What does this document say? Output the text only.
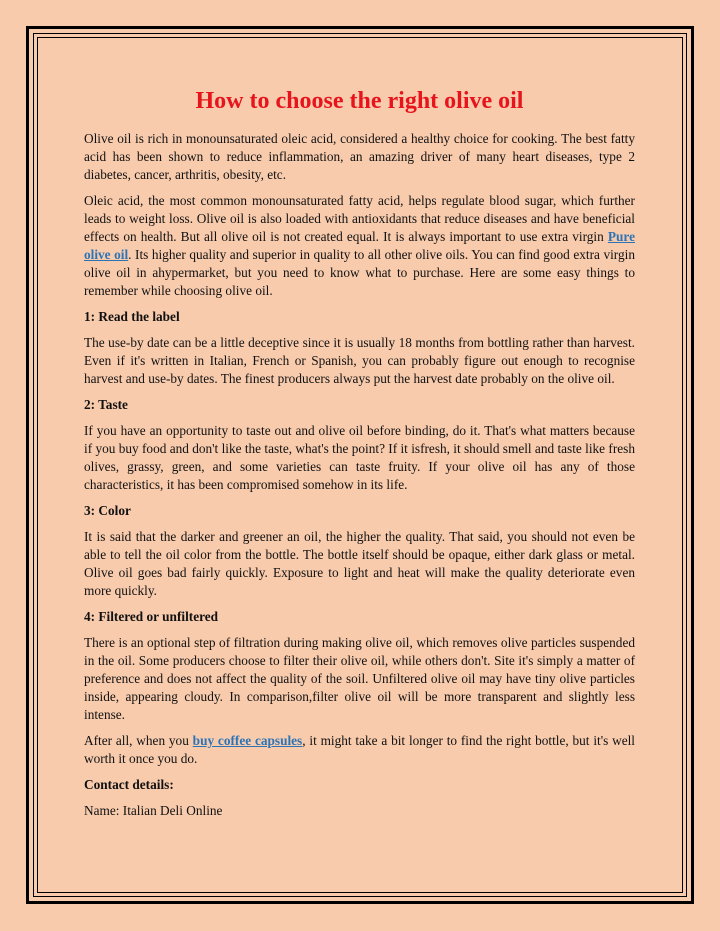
How to choose the right olive oil

Olive oil is rich in monounsaturated oleic acid, considered a healthy choice for cooking. The best fatty acid has been shown to reduce inflammation, an amazing driver of many heart diseases, type 2 diabetes, cancer, arthritis, obesity, etc.

Oleic acid, the most common monounsaturated fatty acid, helps regulate blood sugar, which further leads to weight loss. Olive oil is also loaded with antioxidants that reduce diseases and have beneficial effects on health. But all olive oil is not created equal. It is always important to use extra virgin Pure olive oil. Its higher quality and superior in quality to all other olive oils. You can find good extra virgin olive oil in ahypermarket, but you need to know what to purchase. Here are some easy things to remember while choosing olive oil.

1: Read the label

The use-by date can be a little deceptive since it is usually 18 months from bottling rather than harvest. Even if it's written in Italian, French or Spanish, you can probably figure out enough to recognise harvest and use-by dates. The finest producers always put the harvest date probably on the olive oil.

2: Taste

If you have an opportunity to taste out and olive oil before binding, do it. That's what matters because if you buy food and don't like the taste, what's the point? If it isfresh, it should smell and taste like fresh olives, grassy, green, and some varieties can taste fruity. If your olive oil has any of those characteristics, it has been compromised somehow in its life.

3: Color

It is said that the darker and greener an oil, the higher the quality. That said, you should not even be able to tell the oil color from the bottle. The bottle itself should be opaque, either dark glass or metal. Olive oil goes bad fairly quickly. Exposure to light and heat will make the quality deteriorate even more quickly.

4: Filtered or unfiltered

There is an optional step of filtration during making olive oil, which removes olive particles suspended in the oil. Some producers choose to filter their olive oil, while others don't. Site it's simply a matter of preference and does not affect the quality of the soil. Unfiltered olive oil may have tiny olive particles inside, appearing cloudy. In comparison,filter olive oil will be more transparent and slightly less intense.

After all, when you buy coffee capsules, it might take a bit longer to find the right bottle, but it's well worth it once you do.

Contact details:

Name: Italian Deli Online
